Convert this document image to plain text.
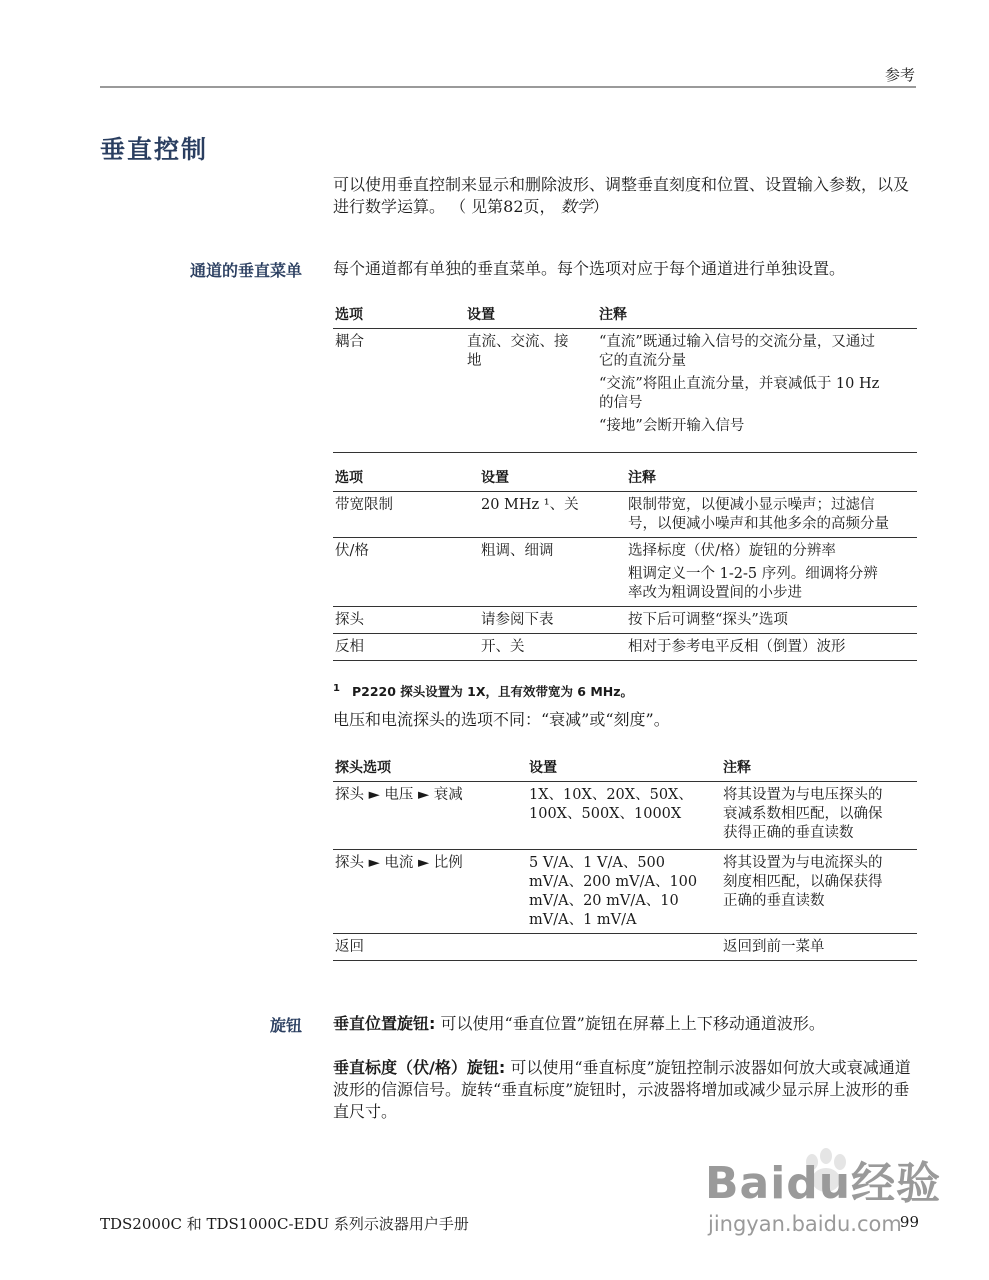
参考
垂直控制
可以使用垂直控制来显示和删除波形、调整垂直刻度和位置、设置输入参数，以及进行数学运算。 （ 见第82页， 数学）
通道的垂直菜单 每个通道都有单独的垂直菜单。每个选项对应于每个通道进行单独设置。
选项	设置	注释
耦合	直流、交流、接地	“直流”既通过输入信号的交流分量，又通过它的直流分量
“交流”将阻止直流分量，并衰减低于 10 Hz 的信号
“接地”会断开输入信号
选项	设置	注释
带宽限制	20 MHz ¹、关	限制带宽，以便减小显示噪声；过滤信号，以便减小噪声和其他多余的高频分量

伏/格	粗调、细调	选择标度（伏/格）旋钮的分辨率
粗调定义一个 1-2-5 序列。细调将分辨率改为粗调设置间的小步进

探头	请参阅下表	按下后可调整“探头”选项

反相	开、关	相对于参考电平反相（倒置）波形
$^1$ P2220 探头设置为 1X，且有效带宽为 6 MHz。
电压和电流探头的选项不同：“衰减”或“刻度”。
探头选项	设置	注释
探头 ► 电压 ► 衰减	1X、10X、20X、50X、100X、500X、1000X	将其设置为与电压探头的衰减系数相匹配，以确保获得正确的垂直读数

探头 ► 电流 ► 比例	5 V/A、1 V/A、500 mV/A、200 mV/A、100 mV/A、20 mV/A、10 mV/A、1 mV/A	将其设置为与电流探头的刻度相匹配，以确保获得正确的垂直读数

返回		返回到前一菜单
旋钮 垂直位置旋钮: 可以使用“垂直位置”旋钮在屏幕上上下移动通道波形。
垂直标度（伏/格）旋钮: 可以使用“垂直标度”旋钮控制示波器如何放大或衰减通道波形的信源信号。旋转“垂直标度”旋钮时，示波器将增加或减少显示屏上波形的垂直尺寸。
Baidu经验
jingyan.baidu.com
TDS2000C 和 TDS1000C-EDU 系列示波器用户手册	99
